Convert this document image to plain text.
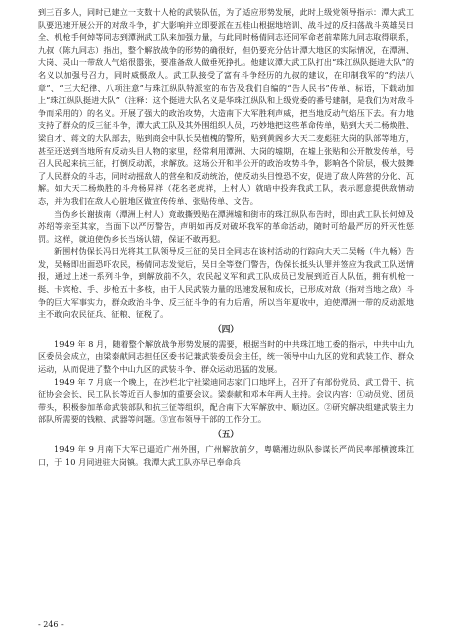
到三百多人，同时已建立一支数十人枪的武装队伍，为了适应形势发展，此时上级党领导指示：潭大武工队要迅速开展公开的对敌斗争，扩大影响并立即要派在五桂山根据地培训、战斗过的反扫荡战斗英雄吴日全、机枪手何焯等同志到潭洲武工队来加强力量，与此同时杨倩同志还同军命老前辈陈九同志取得联系，九叔（陈九同志）指出，整个解放战争的形势的确很好，但仍要充分估计潭大地区的实际情况，在潭洲、大岗、灵山一带敌人气焰很嚣张，要准备敌人做垂死挣扎。他建议潭大武工队打出“珠江纵队挺进大队”的名义以加强号召力，同时威慑敌人。武工队接受了富有斗争经历的九叔的建议，在印制我军的“约法八章”、“三大纪律、八项注意”与珠江纵队特派室的布告及我们自编的“告人民书”传单、标语，下载动加上“珠江纵队挺进大队”（注释：这个挺进大队名义是华珠江纵队和上级党委的番号建制，是我们为对敌斗争而采用的）的名义。开展了强大的政治攻势，大造南下大军胜利声威，把当地反动气焰压下去。有力地支持了群众的反三征斗争，潭大武工队及其外围组织人员，巧妙地把这些革命传单，贴到大天二杨焕胜、梁自才、蒋文的大队部去，贴到商会中队长吴植槐的警所，贴到黄阁乡大天二麦彪驻大岗的队部等地方，甚至还送到当地所有反动头目人物的家里，经常利用潭洲、大岗的墟期，在墟上张贴和公开散发传单，号召人民起来抗三征，打倒反动派，求解放。这场公开和半公开的政治攻势斗争，影响各个阶层，极大鼓舞了人民群众的斗志，同时动摇敌人的营垒和反动统治，使反动头目惶恐不安，促进了敌人阵营的分化、瓦解。如大天二杨焕胜的斗舟杨昇祥（花名老虎祥，上村人）就暗中投奔我武工队，表示愿意提供敌情动态，并为我们在敌人心脏地区做宣传传单、张贴传单、文告。

当伪乡长谢拔南（潭洲上村人）竟敢撕毁贴在潭洲墟和街市的珠江纵队布告时，即由武工队长何焯及苏绍等亲至其家，当面下以严厉警告，声明如再反对破坏我军的革命活动，随时可给最严厉的歼灭性惩罚。这样，就迫使伪乡长当场认错，保证不敢再犯。

新围村伪保长冯日光将其工队领导反三征的吴日全同志在该村活动的行踪向大天二吴畅（牛九畅）告发，吴畅即出面恐吓农民，杨倩同志发觉后，吴日全等登门警告，伪保长抵头认罪并签应为我武工队送情报，通过上述一系列斗争，到解放前不久，农民起义军和武工队成员已发展到近百人队伍，拥有机枪一挺、卡宾枪、手、步枪五十多枝，由于人民武装力量的迅速发展和成长，已形成对敌（指对当地之敌）斗争的巨大军事实力，群众政治斗争、反三征斗争的有力后盾，所以当年夏收中，迫使潭洲一带的反动派地主不敢向农民征兵、征粮、征税了。

（四）

1949 年 8 月，随着整个解放战争形势发展的需要，根据当时的中共珠江地工委的指示，中共中山九区委员会成立，由梁泰献同志担任区委书记兼武装委员会主任，统一领导中山九区的党和武装工作、群众运动，从而促进了整个中山九区的武装斗争、群众运动迅猛的发展。

1949 年 7 月底一个晚上，在沙栏北宁社梁迪同志家门口地坪上，召开了有部份党员、武工骨干、抗征协会会长、民工队长等近百人参加的重要会议。梁泰献和邓本年两人主持。会议内容：①动员党、团员带头，积极参加革命武装部队和抗三征等组织，配合南下大军解放中、顺边区。②研究解决组建武装主力部队所需要的钱粮、武器等问题。③宣布领导干部的工作分工。

（五）

1949 年 9 月南下大军已逼近广州外围，广州解放前夕，粤赣湘边纵队参谋长严尚民率部横渡珠江口，于 10 月同进驻大岗镇。我潭大武工队亦早已奉命兵

- 246 -
